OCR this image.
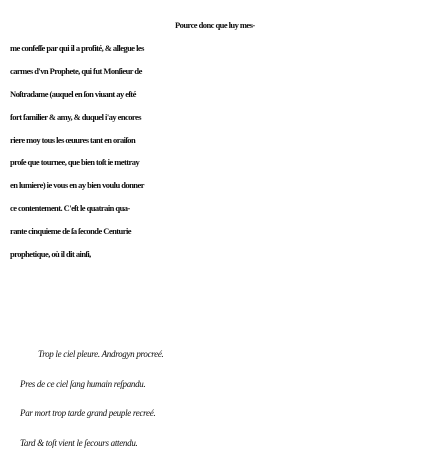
Pource donc que luy mes-
me confeſſe par qui il a profité, & allegue les
carmes d'vn Prophete, qui fut Monſieur de
Noſtradame (auquel en ſon viuant ay eſté
fort familier & amy, & duquel i'ay encores
riere moy tous les œuures tant en oraiſon
proſe que tournee, que bien toſt ie mettray
en lumiere) ie vous en ay bien voulu donner
ce contentement. C'eſt le quatrain qua-
rante cinquieme de ſa ſeconde Centurie
prophetique, où il dit ainſi,
Trop le ciel pleure. Androgyn procreé.
Pres de ce ciel ſang humain reſpandu.
Par mort trop tarde grand peuple recreé.
Tard & toſt vient le ſecours attendu.
